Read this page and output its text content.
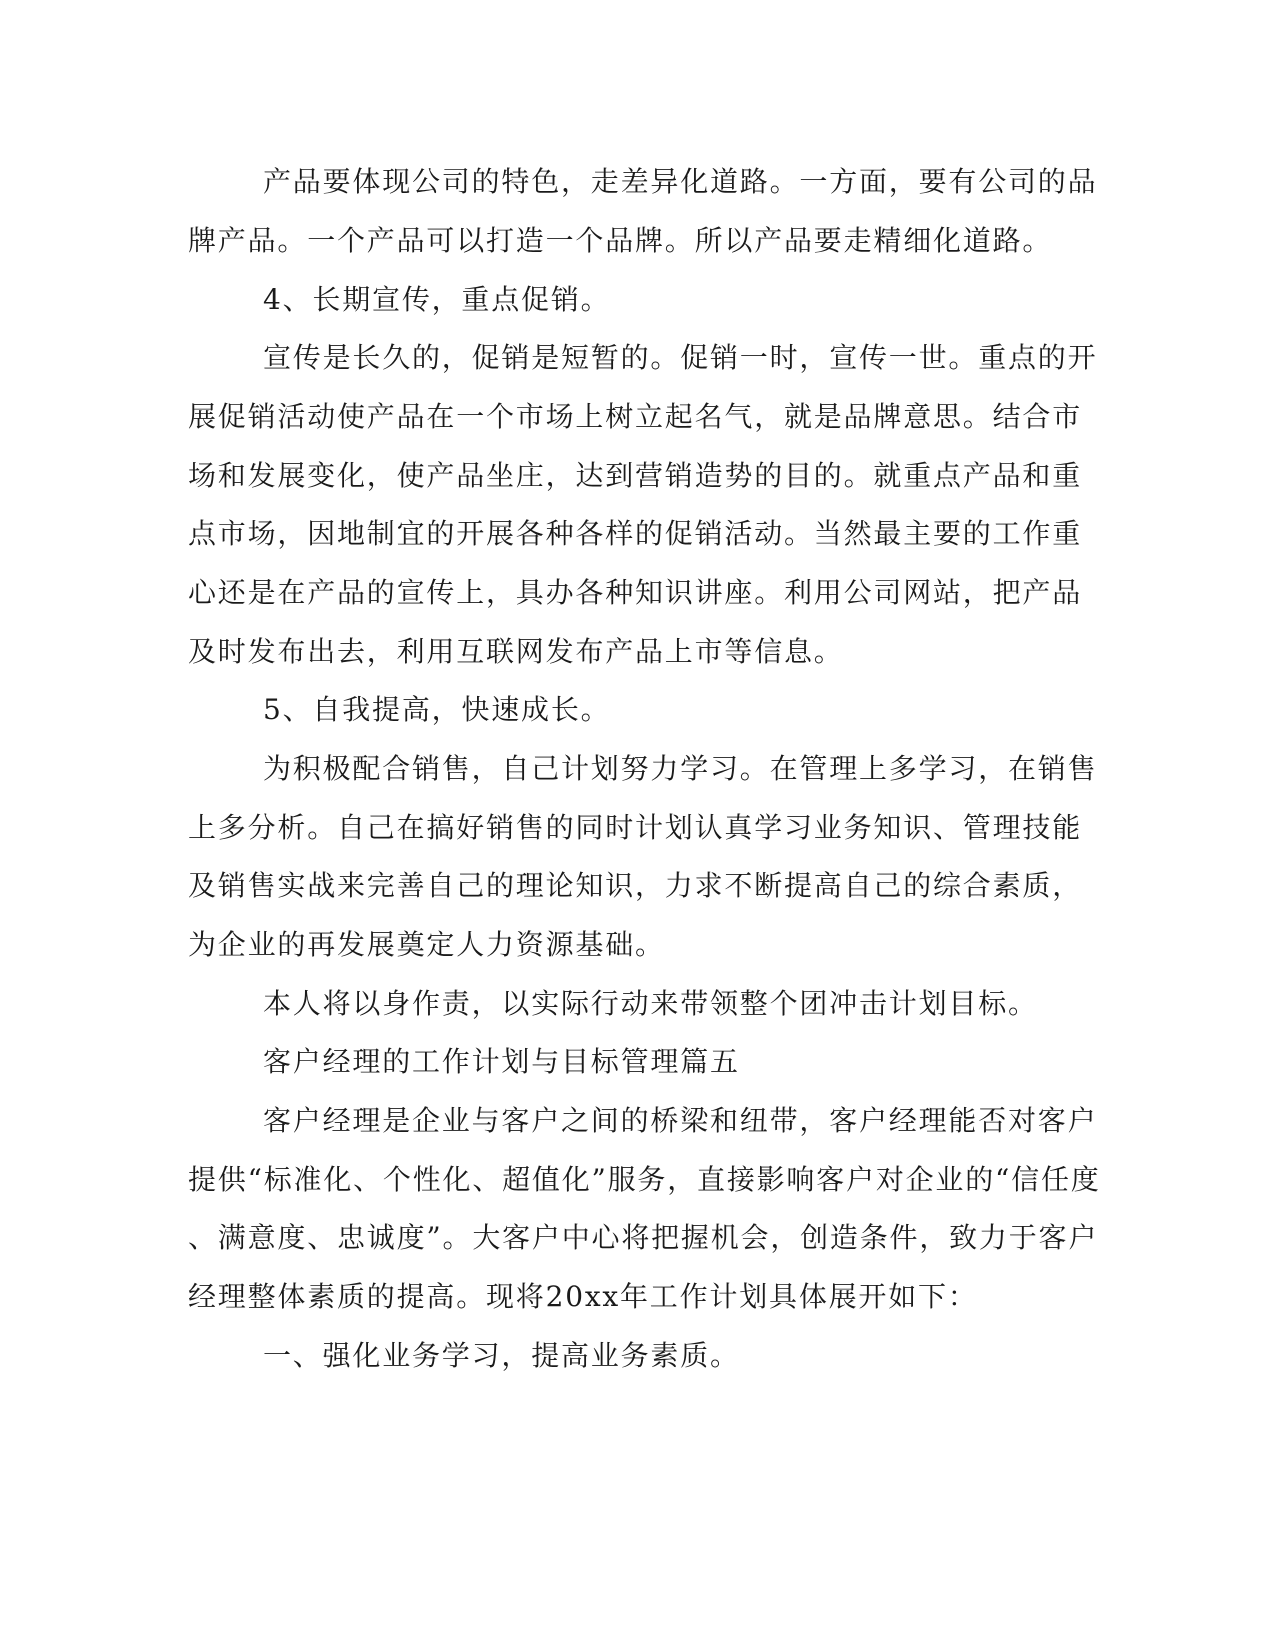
产品要体现公司的特色，走差异化道路。一方面，要有公司的品
牌产品。一个产品可以打造一个品牌。所以产品要走精细化道路。
4、长期宣传，重点促销。
宣传是长久的，促销是短暂的。促销一时，宣传一世。重点的开
展促销活动使产品在一个市场上树立起名气，就是品牌意思。结合市
场和发展变化，使产品坐庄，达到营销造势的目的。就重点产品和重
点市场，因地制宜的开展各种各样的促销活动。当然最主要的工作重
心还是在产品的宣传上，具办各种知识讲座。利用公司网站，把产品
及时发布出去，利用互联网发布产品上市等信息。
5、自我提高，快速成长。
为积极配合销售，自己计划努力学习。在管理上多学习，在销售
上多分析。自己在搞好销售的同时计划认真学习业务知识、管理技能
及销售实战来完善自己的理论知识，力求不断提高自己的综合素质，
为企业的再发展奠定人力资源基础。
本人将以身作责，以实际行动来带领整个团冲击计划目标。
客户经理的工作计划与目标管理篇五
客户经理是企业与客户之间的桥梁和纽带，客户经理能否对客户
提供“标准化、个性化、超值化”服务，直接影响客户对企业的“信任度
、满意度、忠诚度”。大客户中心将把握机会，创造条件，致力于客户
经理整体素质的提高。现将20xx年工作计划具体展开如下：
一、强化业务学习，提高业务素质。
